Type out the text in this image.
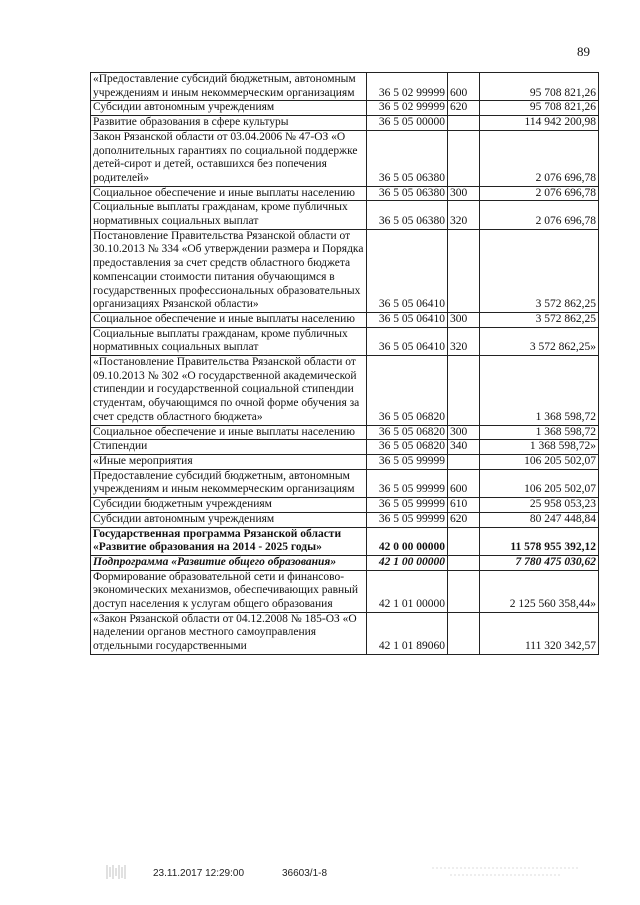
89
«Предоставление субсидий бюджетным, автономным учреждениям и иным некоммерческим организациям	36 5 02 99999	600	95 708 821,26
Субсидии автономным учреждениям	36 5 02 99999	620	95 708 821,26
Развитие образования в сфере культуры	36 5 05 00000		114 942 200,98
Закон Рязанской области от 03.04.2006 № 47-ОЗ «О дополнительных гарантиях по социальной поддержке детей-сирот и детей, оставшихся без попечения родителей»	36 5 05 06380		2 076 696,78
Социальное обеспечение и иные выплаты населению	36 5 05 06380	300	2 076 696,78
Социальные выплаты гражданам, кроме публичных нормативных социальных выплат	36 5 05 06380	320	2 076 696,78
Постановление Правительства Рязанской области от 30.10.2013 № 334 «Об утверждении размера и Порядка предоставления за счет средств областного бюджета компенсации стоимости питания обучающимся в государственных профессиональных образовательных организациях Рязанской области»	36 5 05 06410		3 572 862,25
Социальное обеспечение и иные выплаты населению	36 5 05 06410	300	3 572 862,25
Социальные выплаты гражданам, кроме публичных нормативных социальных выплат	36 5 05 06410	320	3 572 862,25»
«Постановление Правительства Рязанской области от 09.10.2013 № 302 «О государственной академической стипендии и государственной социальной стипендии студентам, обучающимся по очной форме обучения за счет средств областного бюджета»	36 5 05 06820		1 368 598,72
Социальное обеспечение и иные выплаты населению	36 5 05 06820	300	1 368 598,72
Стипендии	36 5 05 06820	340	1 368 598,72»
«Иные мероприятия	36 5 05 99999		106 205 502,07
Предоставление субсидий бюджетным, автономным учреждениям и иным некоммерческим организациям	36 5 05 99999	600	106 205 502,07
Субсидии бюджетным учреждениям	36 5 05 99999	610	25 958 053,23
Субсидии автономным учреждениям	36 5 05 99999	620	80 247 448,84
Государственная программа Рязанской области «Развитие образования на 2014 - 2025 годы»	42 0 00 00000		11 578 955 392,12
Подпрограмма «Развитие общего образования»	42 1 00 00000		7 780 475 030,62
Формирование образовательной сети и финансово-экономических механизмов, обеспечивающих равный доступ населения к услугам общего образования	42 1 01 00000		2 125 560 358,44»
«Закон Рязанской области от 04.12.2008 № 185-ОЗ «О наделении органов местного самоуправления отдельными государственными	42 1 01 89060		111 320 342,57
23.11.2017 12:29:00	36603/1-8
